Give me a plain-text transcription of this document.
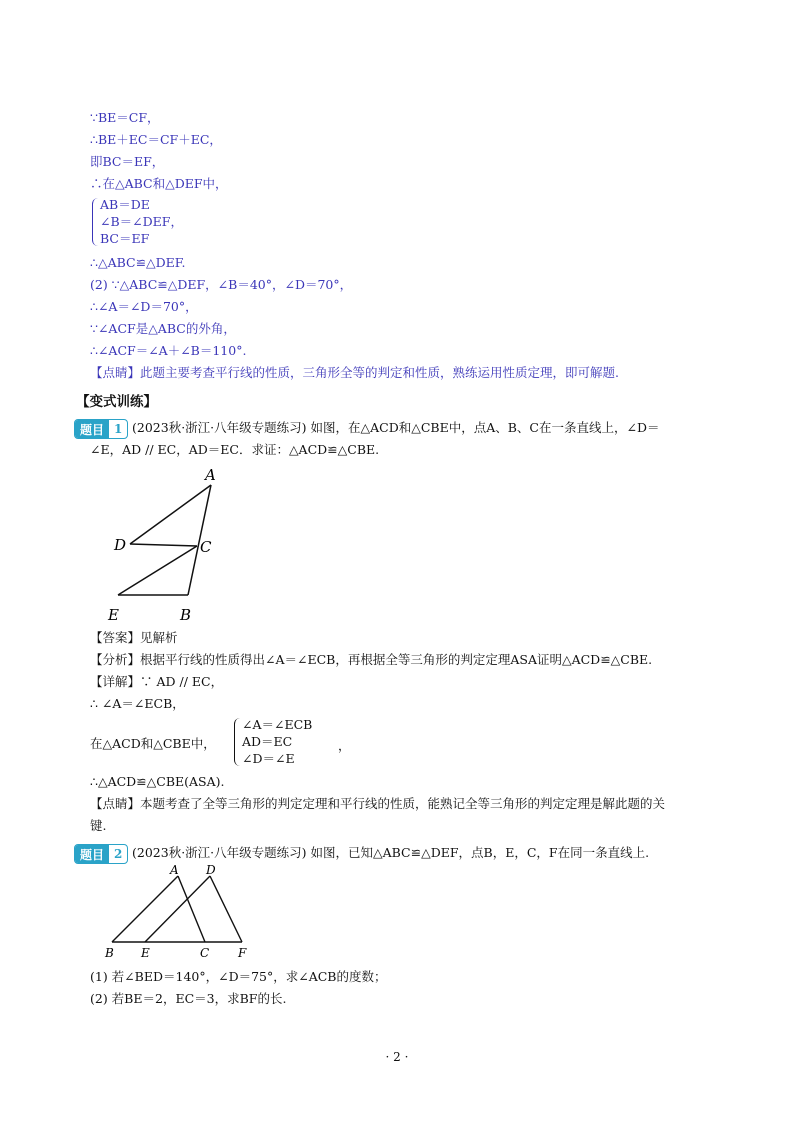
∵BE＝CF，
∴BE＋EC＝CF＋EC，
即BC＝EF，
∴在△ABC和△DEF中，
AB＝DE
∠B＝∠DEF，
BC＝EF
∴△ABC≌△DEF.
(2) ∵△ABC≌△DEF，∠B＝40°，∠D＝70°，
∴∠A＝∠D＝70°，
∵∠ACF是△ABC的外角，
∴∠ACF＝∠A＋∠B＝110°.
【点睛】此题主要考查平行线的性质，三角形全等的判定和性质，熟练运用性质定理，即可解题.
【变式训练】
题目 1 (2023秋·浙江·八年级专题练习) 如图，在△ACD和△CBE中，点A、B、C在一条直线上，∠D＝
∠E，AD // EC，AD＝EC．求证：△ACD≌△CBE.
A
D	C
E	B
【答案】见解析
【分析】根据平行线的性质得出∠A＝∠ECB，再根据全等三角形的判定定理ASA证明△ACD≌△CBE.
【详解】∵ AD // EC，
∴ ∠A＝∠ECB，
在△ACD和△CBE中，
∠A＝∠ECB
AD＝EC
∠D＝∠E
，
∴△ACD≌△CBE(ASA).
【点睛】本题考查了全等三角形的判定定理和平行线的性质，能熟记全等三角形的判定定理是解此题的关
键.
题目 2 (2023秋·浙江·八年级专题练习) 如图，已知△ABC≌△DEF，点B，E，C，F在同一条直线上.
A D
B E	C F
(1) 若∠BED＝140°，∠D＝75°，求∠ACB的度数；
(2) 若BE＝2，EC＝3，求BF的长.
· 2 ·
